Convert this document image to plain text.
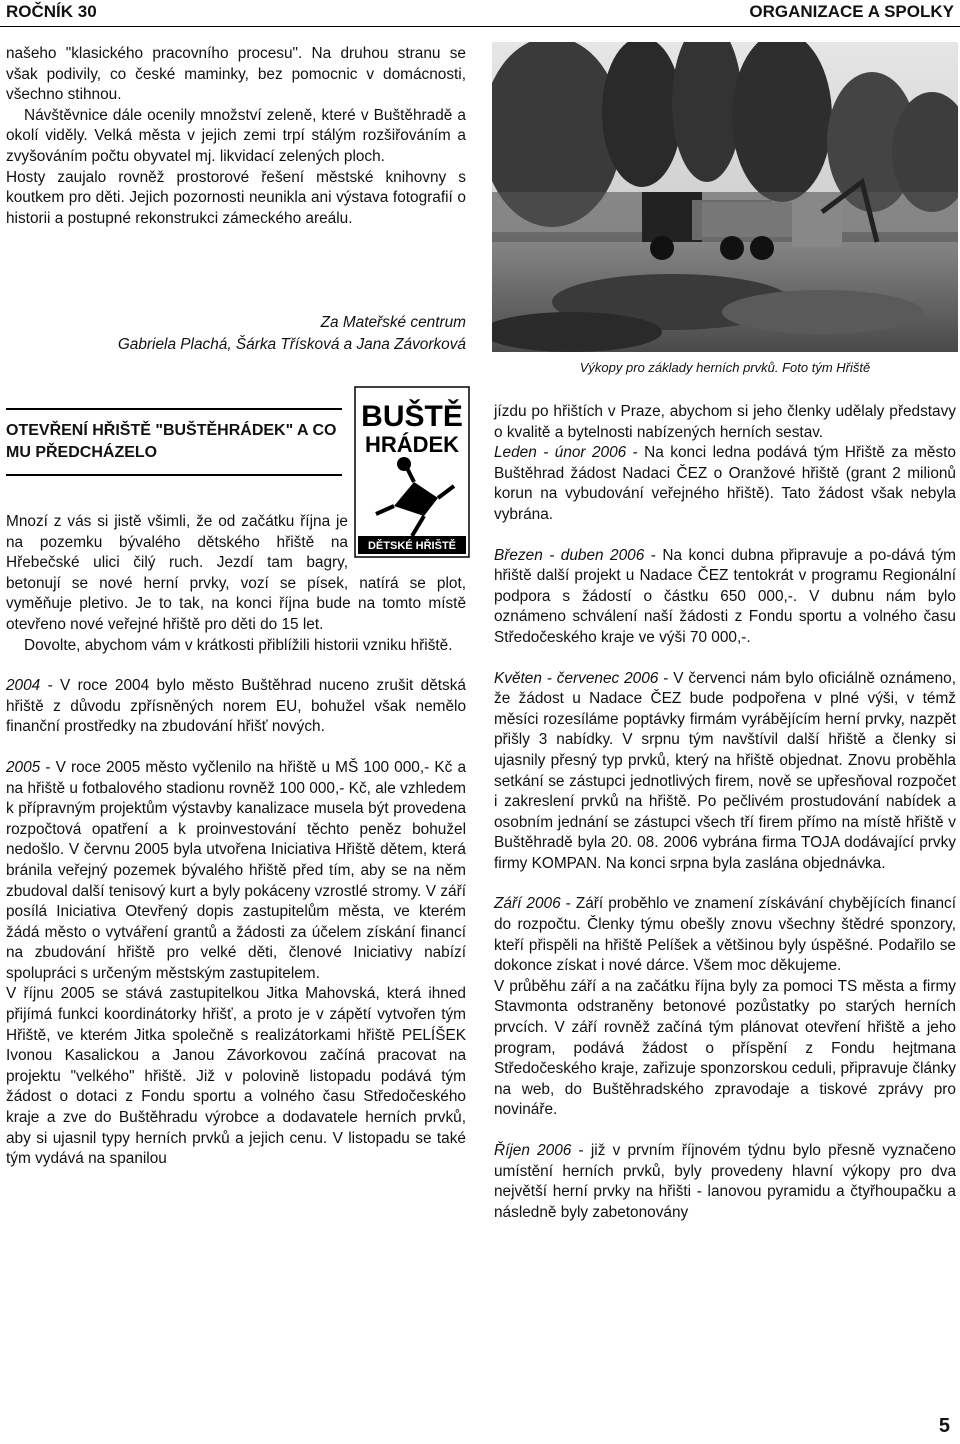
ROČNÍK 30	ORGANIZACE A SPOLKY

našeho "klasického pracovního procesu". Na druhou stranu se však podivily, co české maminky, bez pomocnic v domácnosti, všechno stihnou.

Návštěvnice dále ocenily množství zeleně, které v Buštěhradě a okolí viděly. Velká města v jejich zemi trpí stálým rozšiřováním a zvyšováním počtu obyvatel mj. likvidací zelených ploch.

Hosty zaujalo rovněž prostorové řešení městské knihovny s koutkem pro děti. Jejich pozornosti neunikla ani výstava fotografií o historii a postupné rekonstrukci zámeckého areálu.

Za Mateřské centrum
Gabriela Plachá, Šárka Třísková a Jana Závorková
Výkopy pro základy herních prvků. Foto tým Hřiště
OTEVŘENÍ HŘIŠTĚ "BUŠTĚHRÁDEK" A CO MU PŘEDCHÁZELO
BUŠTĚ
HRÁDEK
DĚTSKÉ HŘIŠTĚ

Mnozí z vás si jistě všimli, že od začátku října je na pozemku bývalého dětského hřiště na Hřebečské ulici čilý ruch. Jezdí tam bagry, betonují se nové herní prvky, vozí se písek, natírá se plot, vyměňuje pletivo. Je to tak, na konci října bude na tomto místě otevřeno nové veřejné hřiště pro děti do 15 let.

Dovolte, abychom vám v krátkosti přiblížili historii vzniku hřiště.

2004 - V roce 2004 bylo město Buštěhrad nuceno zrušit dětská hřiště z důvodu zpřísněných norem EU, bohužel však nemělo finanční prostředky na zbudování hřišť nových.

2005 - V roce 2005 město vyčlenilo na hřiště u MŠ 100 000,- Kč a na hřiště u fotbalového stadionu rovněž 100 000,- Kč, ale vzhledem k přípravným projektům výstavby kanalizace musela být provedena rozpočtová opatření a k proinvestování těchto peněz bohužel nedošlo. V červnu 2005 byla utvořena Iniciativa Hřiště dětem, která bránila veřejný pozemek bývalého hřiště před tím, aby se na něm zbudoval další tenisový kurt a byly pokáceny vzrostlé stromy. V září posílá Iniciativa Otevřený dopis zastupitelům města, ve kterém žádá město o vytváření grantů a žádosti za účelem získání financí na zbudování hřiště pro velké děti, členové Iniciativy nabízí spolupráci s určeným městským zastupitelem.

V říjnu 2005 se stává zastupitelkou Jitka Mahovská, která ihned přijímá funkci koordinátorky hřišť, a proto je v zápětí vytvořen tým Hřiště, ve kterém Jitka společně s realizátorkami hřiště PELÍŠEK Ivonou Kasalickou a Janou Závorkovou začíná pracovat na projektu "velkého" hřiště. Již v polovině listopadu podává tým žádost o dotaci z Fondu sportu a volného času Středočeského kraje a zve do Buštěhradu výrobce a dodavatele herních prvků, aby si ujasnil typy herních prvků a jejich cenu. V listopadu se také tým vydává na spanilou

jízdu po hřištích v Praze, abychom si jeho členky udělaly představy o kvalitě a bytelnosti nabízených herních sestav.

Leden - únor 2006 - Na konci ledna podává tým Hřiště za město Buštěhrad žádost Nadaci ČEZ o Oranžové hřiště (grant 2 milionů korun na vybudování veřejného hřiště). Tato žádost však nebyla vybrána.

Březen - duben 2006 - Na konci dubna připravuje a po-dává tým hřiště další projekt u Nadace ČEZ tentokrát v programu Regionální podpora s žádostí o částku 650 000,-. V dubnu nám bylo oznámeno schválení naší žádosti z Fondu sportu a volného času Středočeského kraje ve výši 70 000,-.

Květen - červenec 2006 - V červenci nám bylo oficiálně oznámeno, že žádost u Nadace ČEZ bude podpořena v plné výši, v témž měsíci rozesíláme poptávky firmám vyrábějícím herní prvky, nazpět přišly 3 nabídky. V srpnu tým navštívil další hřiště a členky si ujasnily přesný typ prvků, který na hřiště objednat. Znovu proběhla setkání se zástupci jednotlivých firem, nově se upřesňoval rozpočet i zakreslení prvků na hřiště. Po pečlivém prostudování nabídek a osobním jednání se zástupci všech tří firem přímo na místě hřiště v Buštěhradě byla 20. 08. 2006 vybrána firma TOJA dodávající prvky firmy KOMPAN. Na konci srpna byla zaslána objednávka.

Září 2006 - Září proběhlo ve znamení získávání chybějících financí do rozpočtu. Členky týmu obešly znovu všechny štědré sponzory, kteří přispěli na hřiště Pelíšek a většinou byly úspěšné. Podařilo se dokonce získat i nové dárce. Všem moc děkujeme.

V průběhu září a na začátku října byly za pomoci TS města a firmy Stavmonta odstraněny betonové pozůstatky po starých herních prvcích. V září rovněž začíná tým plánovat otevření hřiště a jeho program, podává žádost o příspění z Fondu hejtmana Středočeského kraje, zařizuje sponzorskou ceduli, připravuje články na web, do Buštěhradského zpravodaje a tiskové zprávy pro novináře.

Říjen 2006 - již v prvním říjnovém týdnu bylo přesně vyznačeno umístění herních prvků, byly provedeny hlavní výkopy pro dva největší herní prvky na hřišti - lanovou pyramidu a čtyřhoupačku a následně byly zabetonovány

5
